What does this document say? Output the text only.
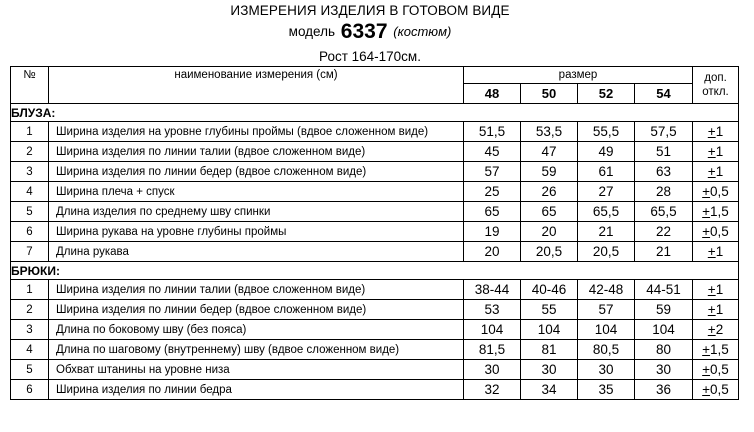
ИЗМЕРЕНИЯ ИЗДЕЛИЯ В ГОТОВОМ ВИДЕ
модель 6337 (костюм)
Рост 164-170см.
№	наименование измерения (см)	размер				доп.
откл.

		48	50	52	54	
БЛУЗА:						
1	Ширина изделия на уровне глубины проймы (вдвое сложенном виде)	51,5	53,5	55,5	57,5	+1
2	Ширина изделия по линии талии (вдвое сложенном виде)	45	47	49	51	+1
3	Ширина изделия по линии бедер (вдвое сложенном виде)	57	59	61	63	+1
4	Ширина плеча + спуск	25	26	27	28	+0,5
5	Длина изделия по среднему шву спинки	65	65	65,5	65,5	+1,5
6	Ширина рукава на уровне глубины проймы	19	20	21	22	+0,5
7	Длина рукава	20	20,5	20,5	21	+1
БРЮКИ:						
1	Ширина изделия по линии талии (вдвое сложенном виде)	38-44	40-46	42-48	44-51	+1
2	Ширина изделия по линии бедер (вдвое сложенном виде)	53	55	57	59	+1
3	Длина по боковому шву (без пояса)	104	104	104	104	+2
4	Длина по шаговому (внутреннему) шву (вдвое сложенном виде)	81,5	81	80,5	80	+1,5
5	Обхват штанины на уровне низа	30	30	30	30	+0,5
6	Ширина изделия по линии бедра	32	34	35	36	+0,5
